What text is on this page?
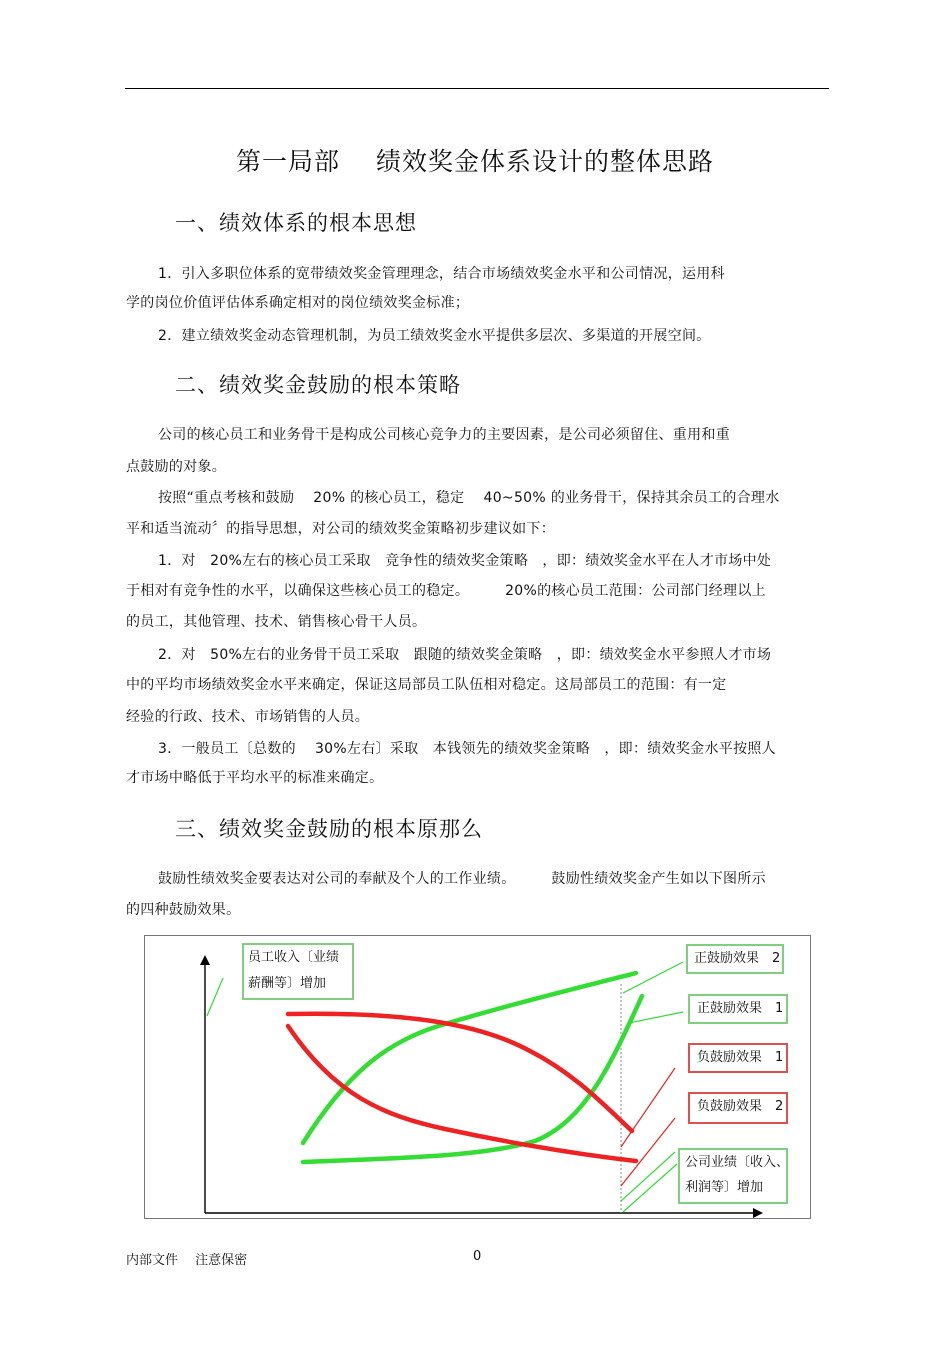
第一局部 绩效奖金体系设计的整体思路
一、绩效体系的根本思想
1．引入多职位体系的宽带绩效奖金管理理念，结合市场绩效奖金水平和公司情况，运用科
学的岗位价值评估体系确定相对的岗位绩效奖金标准；
2．建立绩效奖金动态管理机制，为员工绩效奖金水平提供多层次、多渠道的开展空间。
二、绩效奖金鼓励的根本策略
公司的核心员工和业务骨干是构成公司核心竞争力的主要因素，是公司必须留住、重用和重
点鼓励的对象。
按照“重点考核和鼓励　 20% 的核心员工，稳定　 40~50% 的业务骨干，保持其余员工的合理水
平和适当流动〞的指导思想，对公司的绩效奖金策略初步建议如下：
1．对　20%左右的核心员工采取　竞争性的绩效奖金策略　，即：绩效奖金水平在人才市场中处
于相对有竞争性的水平，以确保这些核心员工的稳定。　　　20%的核心员工范围：公司部门经理以上
的员工，其他管理、技术、销售核心骨干人员。
2．对　50%左右的业务骨干员工采取　跟随的绩效奖金策略　，即：绩效奖金水平参照人才市场
中的平均市场绩效奖金水平来确定，保证这局部员工队伍相对稳定。这局部员工的范围：有一定
经验的行政、技术、市场销售的人员。
3．一般员工〔总数的　 30%左右〕采取　本钱领先的绩效奖金策略　，即：绩效奖金水平按照人
才市场中略低于平均水平的标准来确定。
三、绩效奖金鼓励的根本原那么
鼓励性绩效奖金要表达对公司的奉献及个人的工作业绩。　　　鼓励性绩效奖金产生如以下图所示
的四种鼓励效果。
员工收入〔业绩
薪酬等〕增加
正鼓励效果　2
正鼓励效果　1
负鼓励效果　1
负鼓励效果　2
公司业绩〔收入、
利润等〕增加
内部文件　 注意保密	0
